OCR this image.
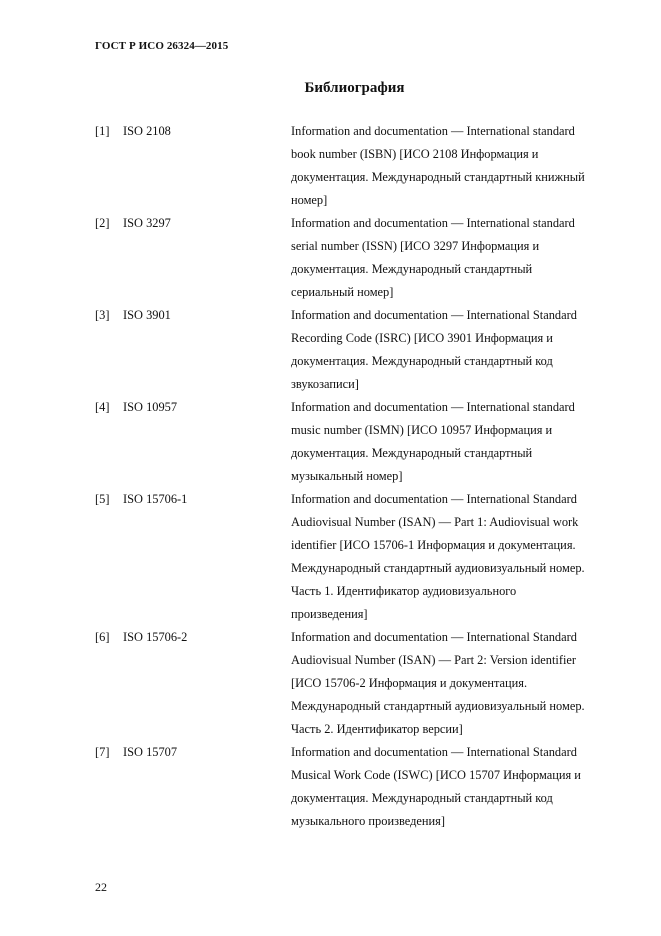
ГОСТ Р ИСО 26324—2015
Библиография
[1] ISO 2108	Information and documentation — International standard
book number (ISBN) [ИСО 2108 Информация и
документация. Международный стандартный книжный
номер]
[2] ISO 3297	Information and documentation — International standard
serial number (ISSN) [ИСО 3297 Информация и
документация. Международный стандартный
сериальный номер]
[3] ISO 3901	Information and documentation — International Standard
Recording Code (ISRC) [ИСО 3901 Информация и
документация. Международный стандартный код
звукозаписи]
[4] ISO 10957	Information and documentation — International standard
music number (ISMN) [ИСО 10957 Информация и
документация. Международный стандартный
музыкальный номер]
[5] ISO 15706-1	Information and documentation — International Standard
Audiovisual Number (ISAN) — Part 1: Audiovisual work
identifier [ИСО 15706-1 Информация и документация.
Международный стандартный аудиовизуальный номер.
Часть 1. Идентификатор аудиовизуального
произведения]
[6] ISO 15706-2	Information and documentation — International Standard
Audiovisual Number (ISAN) — Part 2: Version identifier
[ИСО 15706-2 Информация и документация.
Международный стандартный аудиовизуальный номер.
Часть 2. Идентификатор версии]
[7] ISO 15707	Information and documentation — International Standard
Musical Work Code (ISWC) [ИСО 15707 Информация и
документация. Международный стандартный код
музыкального произведения]
22
